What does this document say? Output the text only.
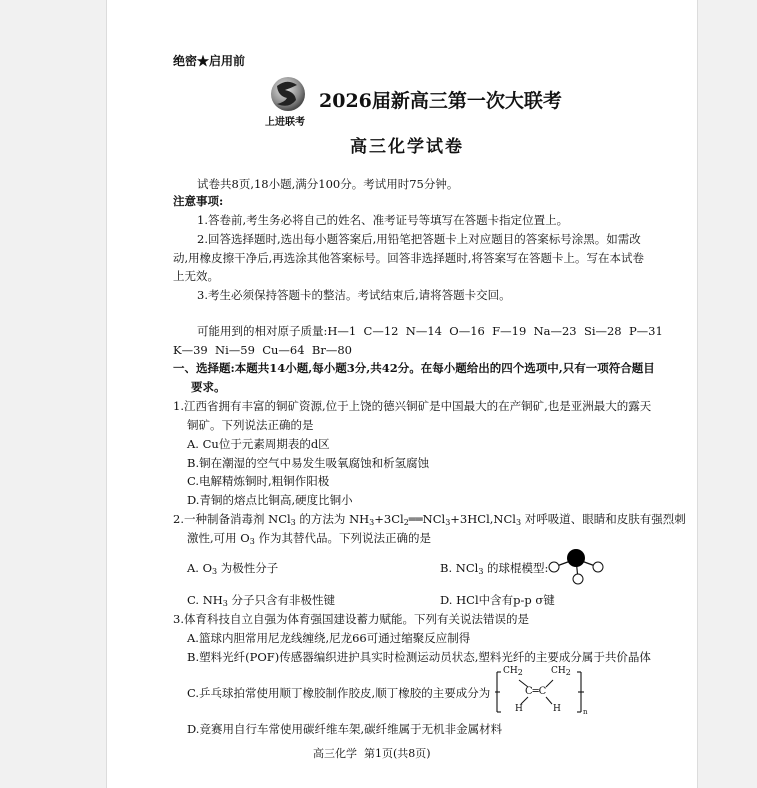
绝密★启用前
上进联考
2026届新高三第一次大联考
高三化学试卷
试卷共8页,18小题,满分100分。考试用时75分钟。
注意事项:
1.答卷前,考生务必将自己的姓名、准考证号等填写在答题卡指定位置上。
2.回答选择题时,选出每小题答案后,用铅笔把答题卡上对应题目的答案标号涂黑。如需改
动,用橡皮擦干净后,再选涂其他答案标号。回答非选择题时,将答案写在答题卡上。写在本试卷
上无效。
3.考生必须保持答题卡的整洁。考试结束后,请将答题卡交回。
可能用到的相对原子质量:H—1  C—12  N—14  O—16  F—19  Na—23  Si—28  P—31
K—39  Ni—59  Cu—64  Br—80
一、选择题:本题共14小题,每小题3分,共42分。在每小题给出的四个选项中,只有一项符合题目
要求。
1.江西省拥有丰富的铜矿资源,位于上饶的德兴铜矿是中国最大的在产铜矿,也是亚洲最大的露天
铜矿。下列说法正确的是
A. Cu位于元素周期表的d区
B.铜在潮湿的空气中易发生吸氧腐蚀和析氢腐蚀
C.电解精炼铜时,粗铜作阳极
D.青铜的熔点比铜高,硬度比铜小
2.一种制备消毒剂 NCl$_3$ 的方法为 $NH_3+3Cl_2══NCl_3+3HCl,NCl_3$ 对呼吸道、眼睛和皮肤有强烈刺
激性,可用 $O_3$ 作为其替代品。下列说法正确的是
A. $O_3$ 为极性分子	B. NCl$_3$ 的球棍模型:
C. $NH_3$ 分子只含有非极性键	D. HCl中含有p-p σ键
3.体育科技自立自强为体育强国建设蓄力赋能。下列有关说法错误的是
A.篮球内胆常用尼龙线缠绕,尼龙66可通过缩聚反应制得
B.塑料光纤(POF)传感器编织进护具实时检测运动员状态,塑料光纤的主要成分属于共价晶体
C.乒乓球拍常使用顺丁橡胶制作胶皮,顺丁橡胶的主要成分为
CH2	CH2
C═C
H	H	n
D.竞赛用自行车常使用碳纤维车架,碳纤维属于无机非金属材料
高三化学  第1页(共8页)
